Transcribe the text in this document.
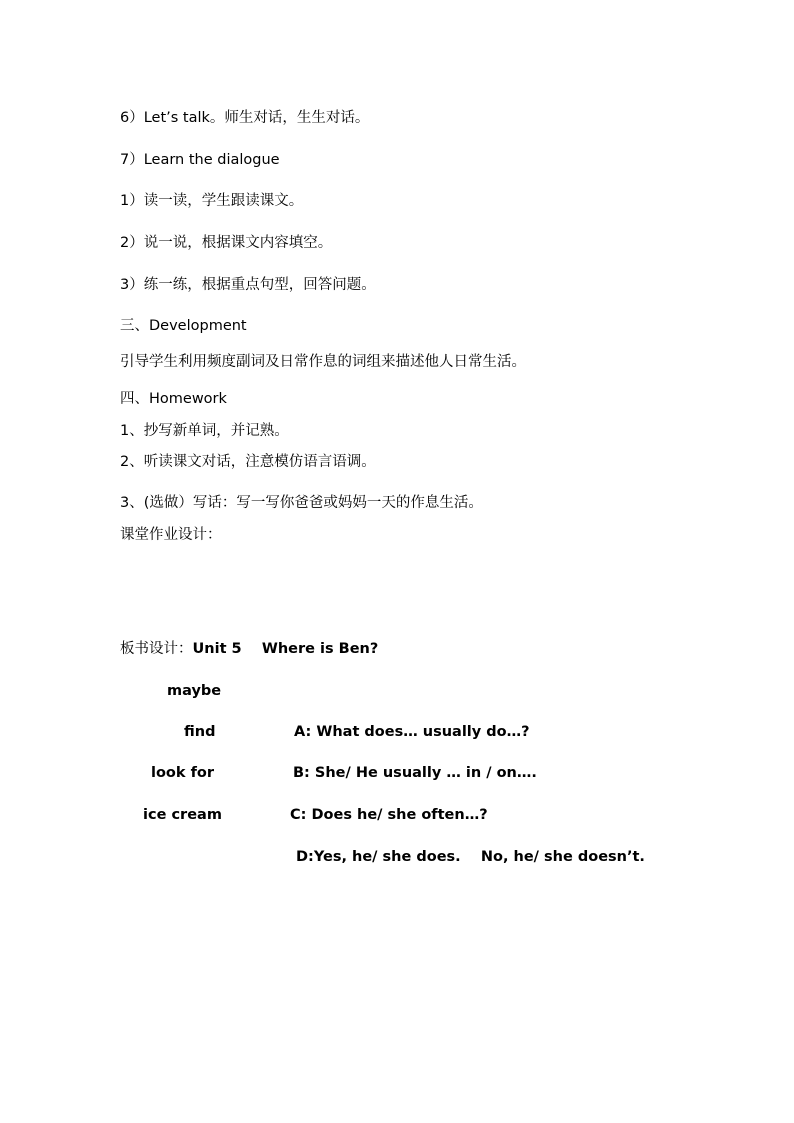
6）Let’s talk。师生对话，生生对话。
7）Learn the dialogue
1）读一读，学生跟读课文。
2）说一说，根据课文内容填空。
3）练一练，根据重点句型，回答问题。
三、Development
引导学生利用频度副词及日常作息的词组来描述他人日常生活。
四、Homework
1、抄写新单词，并记熟。
2、听读课文对话，注意模仿语言语调。
3、(选做）写话：写一写你爸爸或妈妈一天的作息生活。
课堂作业设计：
板书设计：Unit 5    Where is Ben?
maybe
find
look for
ice cream
A: What does… usually do…?
B: She/ He usually … in / on….
C: Does he/ she often…?
D:Yes, he/ she does.    No, he/ she doesn’t.
